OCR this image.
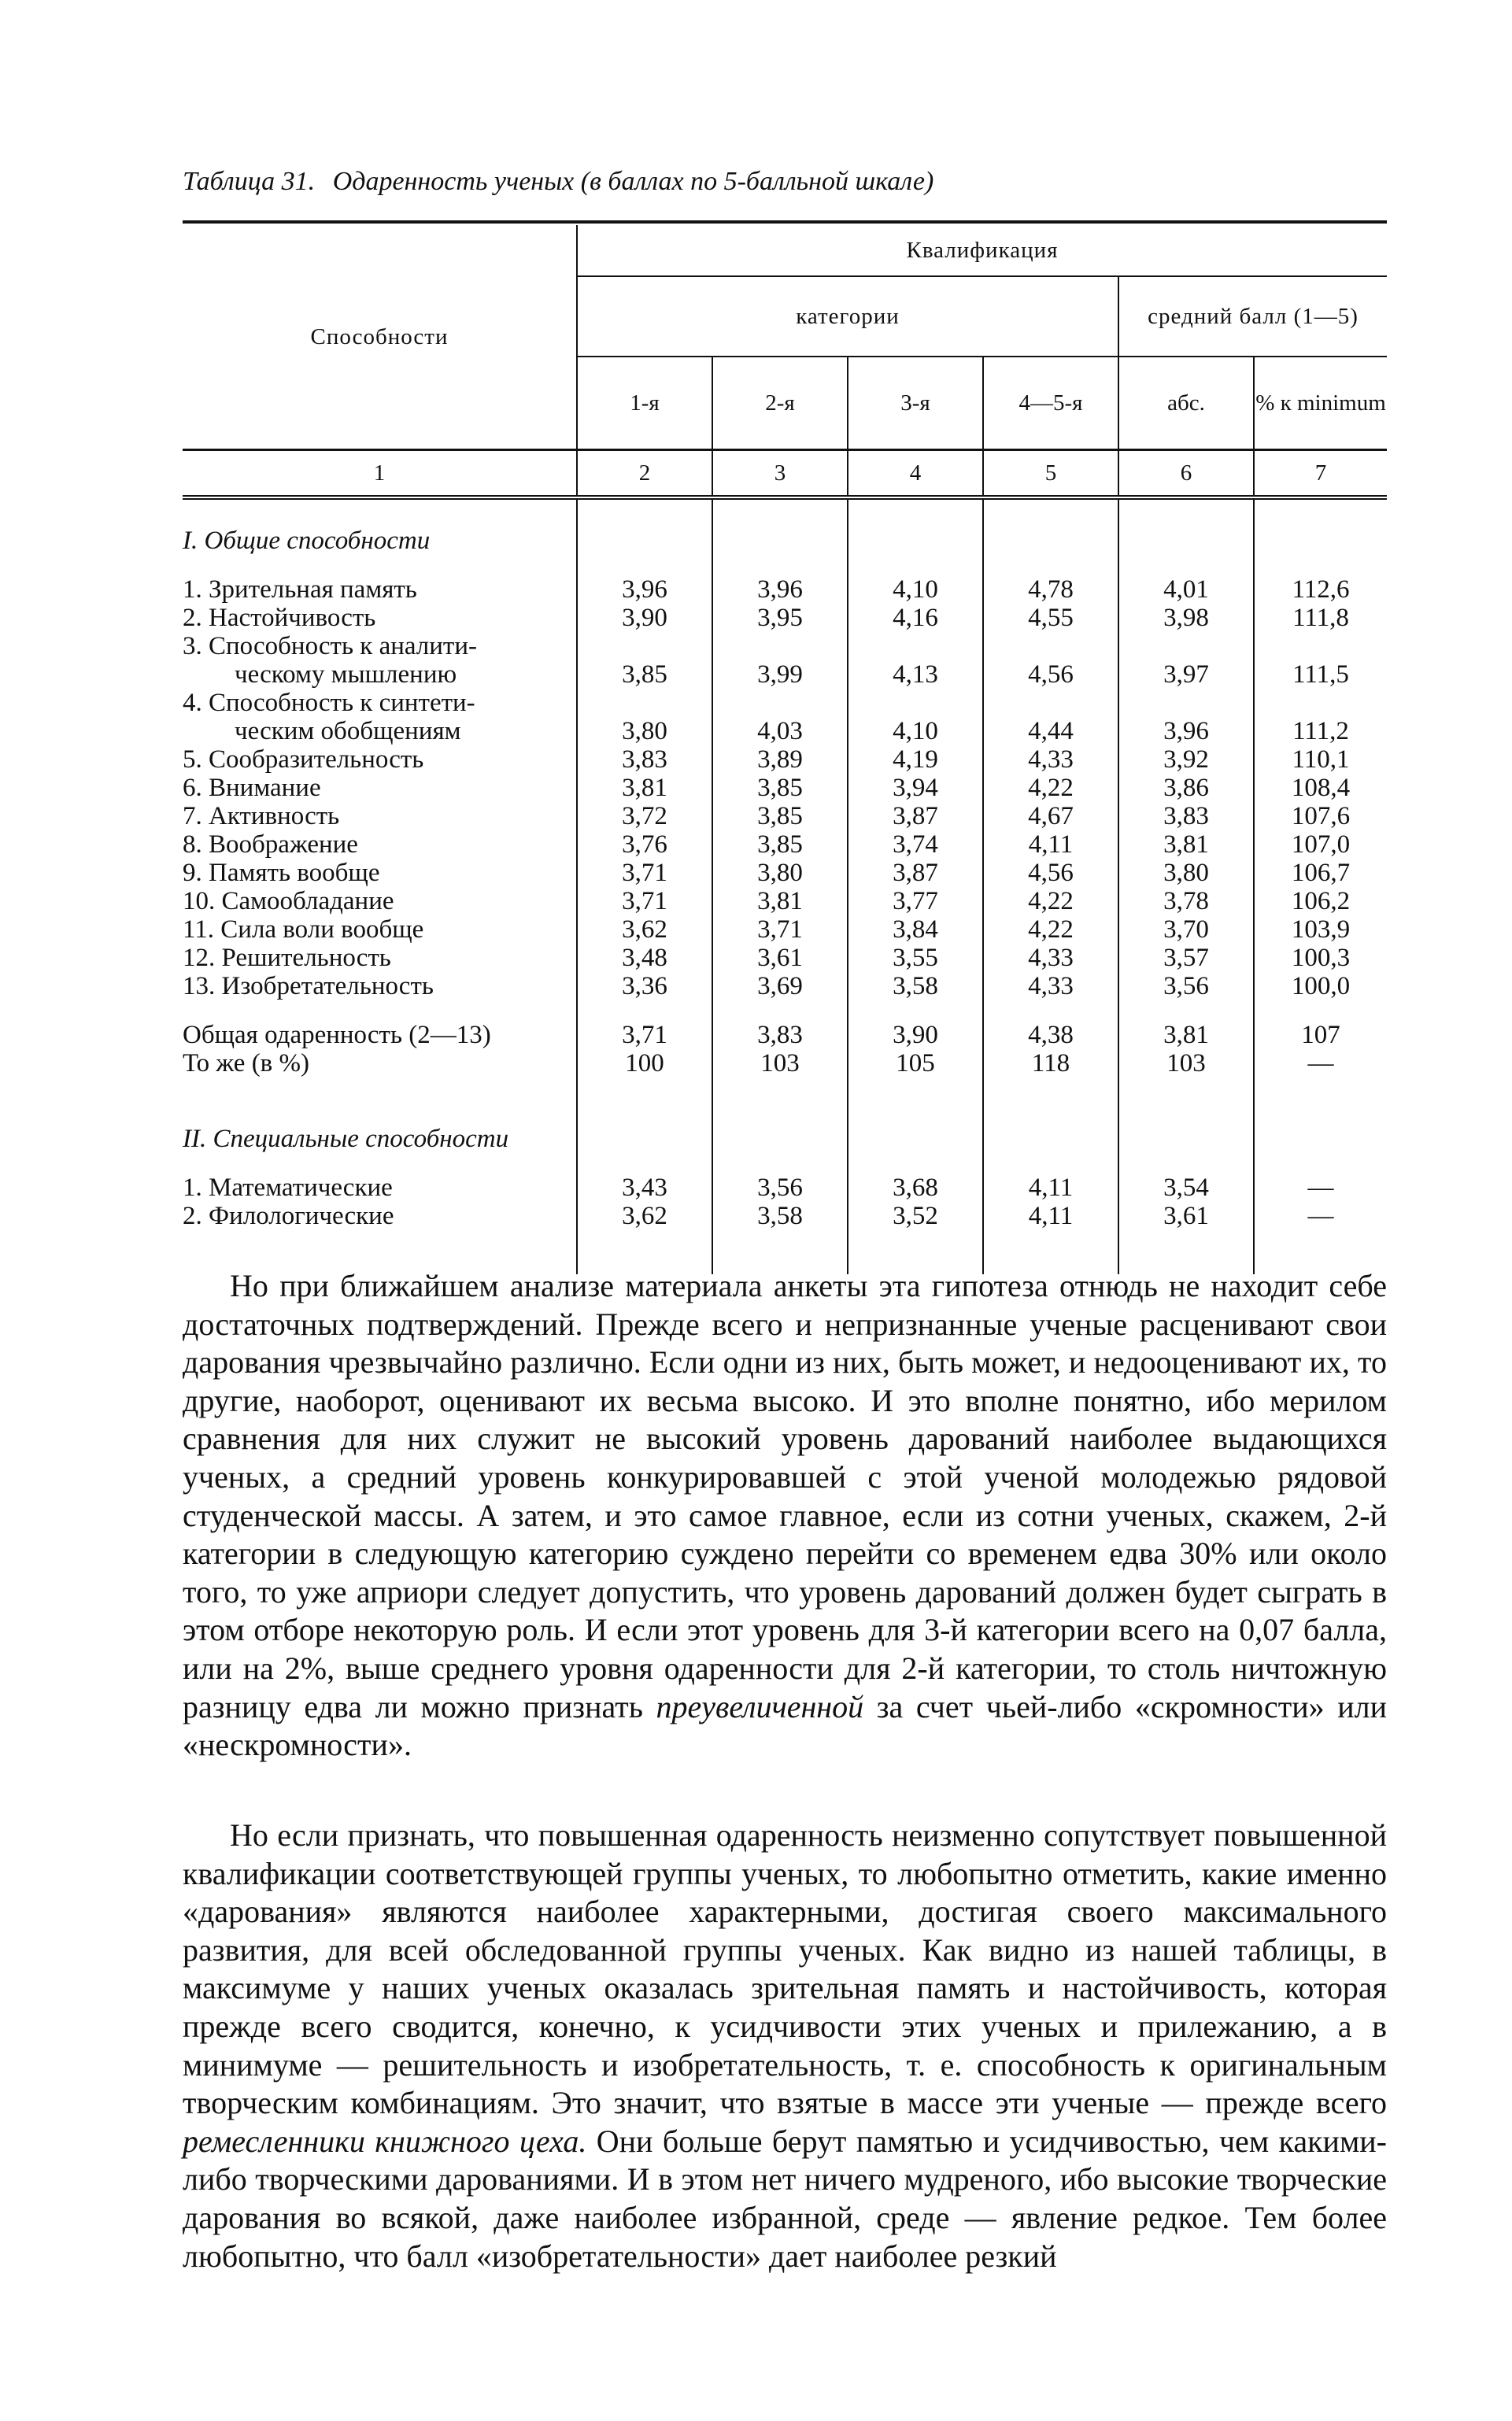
Таблица 31. Одаренность ученых (в баллах по 5-балльной шкале)

Способности	Квалификация					
	категории				средний балл (1—5)	
	1-я	2-я	3-я	4—5-я	абс.	% к minimum
1	2	3	4	5	6	7
I. Общие способности						

1. Зрительная память	3,96	3,96	4,10	4,78	4,01	112,6
2. Настойчивость	3,90	3,95	4,16	4,55	3,98	111,8
3. Способность к аналити-						
ческому мышлению	3,85	3,99	4,13	4,56	3,97	111,5
4. Способность к синтети-						
ческим обобщениям	3,80	4,03	4,10	4,44	3,96	111,2
5. Сообразительность	3,83	3,89	4,19	4,33	3,92	110,1
6. Внимание	3,81	3,85	3,94	4,22	3,86	108,4
7. Активность	3,72	3,85	3,87	4,67	3,83	107,6
8. Воображение	3,76	3,85	3,74	4,11	3,81	107,0
9. Память вообще	3,71	3,80	3,87	4,56	3,80	106,7
10. Самообладание	3,71	3,81	3,77	4,22	3,78	106,2
11. Сила воли вообще	3,62	3,71	3,84	4,22	3,70	103,9
12. Решительность	3,48	3,61	3,55	4,33	3,57	100,3
13. Изобретательность	3,36	3,69	3,58	4,33	3,56	100,0

Общая одаренность (2—13)	3,71	3,83	3,90	4,38	3,81	107
То же (в %)	100	103	105	118	103	—

II. Специальные способности						

1. Математические	3,43	3,56	3,68	4,11	3,54	—
2. Филологические	3,62	3,58	3,52	4,11	3,61	—

Но при ближайшем анализе материала анкеты эта гипотеза отнюдь не находит себе достаточных подтверждений. Прежде всего и непризнанные ученые расценивают свои дарования чрезвычайно различно. Если одни из них, быть может, и недооценивают их, то другие, наоборот, оценивают их весьма высоко. И это вполне понятно, ибо мерилом сравнения для них служит не высокий уровень дарований наиболее выдающихся ученых, а средний уровень конкурировавшей с этой ученой молодежью рядовой студенческой массы. А затем, и это самое главное, если из сотни ученых, скажем, 2-й категории в следующую категорию суждено перейти со временем едва 30% или около того, то уже априори следует допустить, что уровень дарований должен будет сыграть в этом отборе некоторую роль. И если этот уровень для 3-й категории всего на 0,07 балла, или на 2%, выше среднего уровня одаренности для 2-й категории, то столь ничтожную разницу едва ли можно признать преувеличенной за счет чьей-либо «скромности» или «нескромности».

Но если признать, что повышенная одаренность неизменно сопутствует повышенной квалификации соответствующей группы ученых, то любопытно отметить, какие именно «дарования» являются наиболее характерными, достигая своего максимального развития, для всей обследованной группы ученых. Как видно из нашей таблицы, в максимуме у наших ученых оказалась зрительная память и настойчивость, которая прежде всего сводится, конечно, к усидчивости этих ученых и прилежанию, а в минимуме — решительность и изобретательность, т. е. способность к оригинальным творческим комбинациям. Это значит, что взятые в массе эти ученые — прежде всего ремесленники книжного цеха. Они больше берут памятью и усидчивостью, чем какими-либо творческими дарованиями. И в этом нет ничего мудреного, ибо высокие творческие дарования во всякой, даже наиболее избранной, среде — явление редкое. Тем более любопытно, что балл «изобретательности» дает наиболее резкий
